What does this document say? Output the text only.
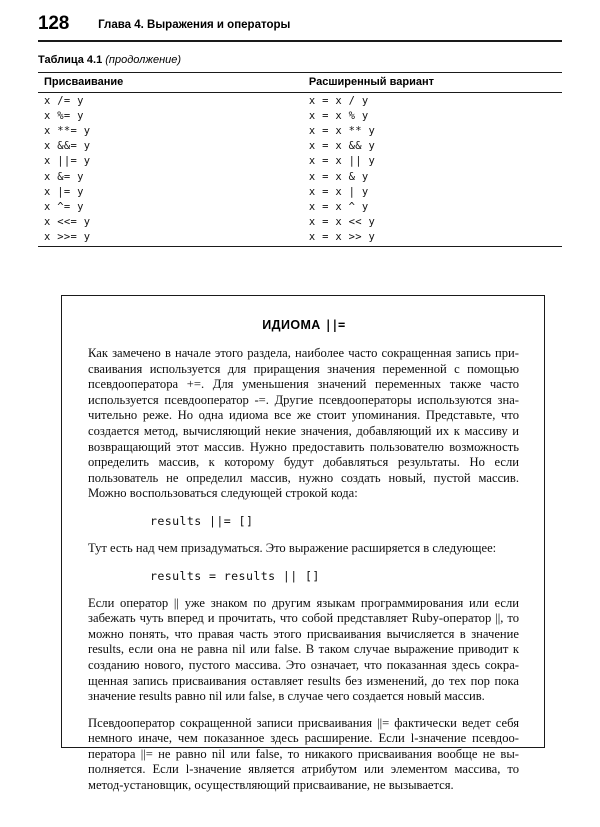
128	Глава 4. Выражения и операторы
Таблица 4.1 (продолжение)
Присваивание	Расширенный вариант
x /= y	x = x / y
x %= y	x = x % y
x **= y	x = x ** y
x &&= y	x = x && y
x ||= y	x = x || y
x &= y	x = x & y
x |= y	x = x | y
x ^= y	x = x ^ y
x <<= y	x = x << y
x >>= y	x = x >> y
ИДИОМА ||=

Как замечено в начале этого раздела, наиболее часто сокращенная запись присваивания используется для приращения значения переменной с помощью псевдооператора +=. Для уменьшения значений переменных также часто используется псевдооператор -=. Другие псевдооператоры используются значительно реже. Но одна идиома все же стоит упоминания. Представьте, что создается метод, вычисляющий некие значения, добавляющий их к массиву и возвращающий этот массив. Нужно предоставить пользователю возможность определить массив, к которому будут добавляться результаты. Но если пользователь не определил массив, нужно создать новый, пустой массив. Можно воспользоваться следующей строкой кода:

results ||= []

Тут есть над чем призадуматься. Это выражение расширяется в следующее:

results = results || []

Если оператор || уже знаком по другим языкам программирования или если забежать чуть вперед и прочитать, что собой представляет Ruby-оператор ||, то можно понять, что правая часть этого присваивания вычисляется в значение results, если она не равна nil или false. В таком случае выражение приводит к созданию нового, пустого массива. Это означает, что показанная здесь сокращенная запись присваивания оставляет results без изменений, до тех пор пока значение results равно nil или false, в случае чего создается новый массив.

Псевдооператор сокращенной записи присваивания ||= фактически ведет себя немного иначе, чем показанное здесь расширение. Если l-значение псевдооператора ||= не равно nil или false, то никакого присваивания вообще не выполняется. Если l-значение является атрибутом или элементом массива, то метод-установщик, осуществляющий присваивание, не вызывается.
